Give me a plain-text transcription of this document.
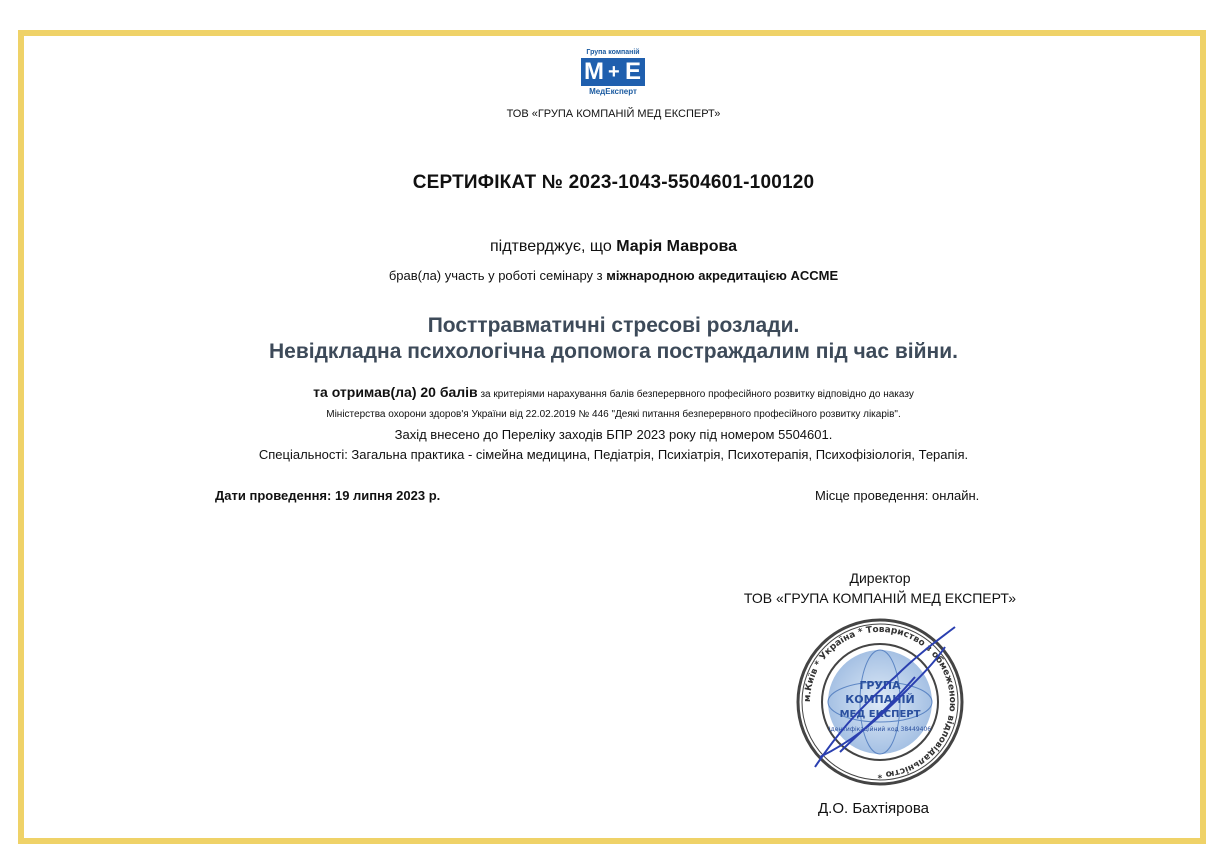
Група компаній
M + E
МедЕксперт
ТОВ «ГРУПА КОМПАНІЙ МЕД ЕКСПЕРТ»
СЕРТИФІКАТ № 2023-1043-5504601-100120
підтверджує, що Марія Маврова
брав(ла) участь у роботі семінару з міжнародною акредитацією ACCME
Посттравматичні стресові розлади.
Невідкладна психологічна допомога постраждалим під час війни.
та отримав(ла) 20 балів за критеріями нарахування балів безперервного професійного розвитку відповідно до наказу
Міністерства охорони здоров'я України від 22.02.2019 № 446 "Деякі питання безперервного професійного розвитку лікарів".
Захід внесено до Переліку заходів БПР 2023 року під номером 5504601.
Спеціальності: Загальна практика - сімейна медицина, Педіатрія, Психіатрія, Психотерапія, Психофізіологія, Терапія.
Дати проведення: 19 липня 2023 р.	Місце проведення: онлайн.
Директор
ТОВ «ГРУПА КОМПАНІЙ МЕД ЕКСПЕРТ»
м.Київ * Україна * Товариство з обмеженою відповідальністю *
ГРУПА
КОМПАНІЙ
МЕД ЕКСПЕРТ
Ідентифікаційний код 38449406
Д.О. Бахтіярова
